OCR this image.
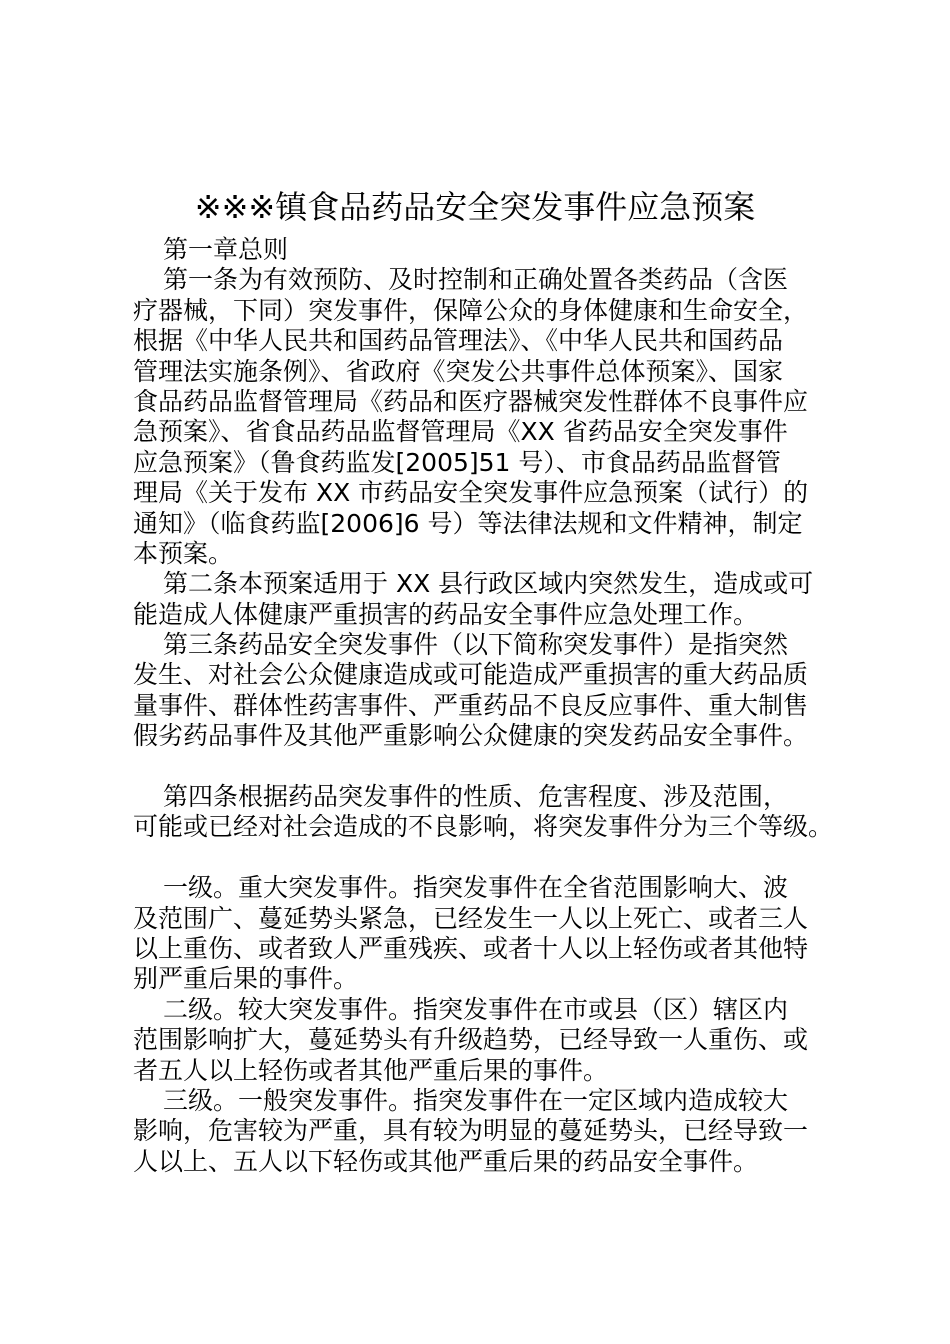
※※※镇食品药品安全突发事件应急预案
第一章总则
第一条为有效预防、及时控制和正确处置各类药品（含医
疗器械，下同）突发事件，保障公众的身体健康和生命安全，
根据《中华人民共和国药品管理法》、《中华人民共和国药品
管理法实施条例》、省政府《突发公共事件总体预案》、国家
食品药品监督管理局《药品和医疗器械突发性群体不良事件应
急预案》、省食品药品监督管理局《XX 省药品安全突发事件
应急预案》（鲁食药监发[2005]51 号）、市食品药品监督管
理局《关于发布 XX 市药品安全突发事件应急预案（试行）的
通知》（临食药监[2006]6 号）等法律法规和文件精神，制定
本预案。
第二条本预案适用于 XX 县行政区域内突然发生，造成或可
能造成人体健康严重损害的药品安全事件应急处理工作。
第三条药品安全突发事件（以下简称突发事件）是指突然
发生、对社会公众健康造成或可能造成严重损害的重大药品质
量事件、群体性药害事件、严重药品不良反应事件、重大制售
假劣药品事件及其他严重影响公众健康的突发药品安全事件。
第四条根据药品突发事件的性质、危害程度、涉及范围，
可能或已经对社会造成的不良影响，将突发事件分为三个等级。
一级。重大突发事件。指突发事件在全省范围影响大、波
及范围广、蔓延势头紧急，已经发生一人以上死亡、或者三人
以上重伤、或者致人严重残疾、或者十人以上轻伤或者其他特
别严重后果的事件。
二级。较大突发事件。指突发事件在市或县（区）辖区内
范围影响扩大，蔓延势头有升级趋势，已经导致一人重伤、或
者五人以上轻伤或者其他严重后果的事件。
三级。一般突发事件。指突发事件在一定区域内造成较大
影响，危害较为严重，具有较为明显的蔓延势头，已经导致一
人以上、五人以下轻伤或其他严重后果的药品安全事件。
